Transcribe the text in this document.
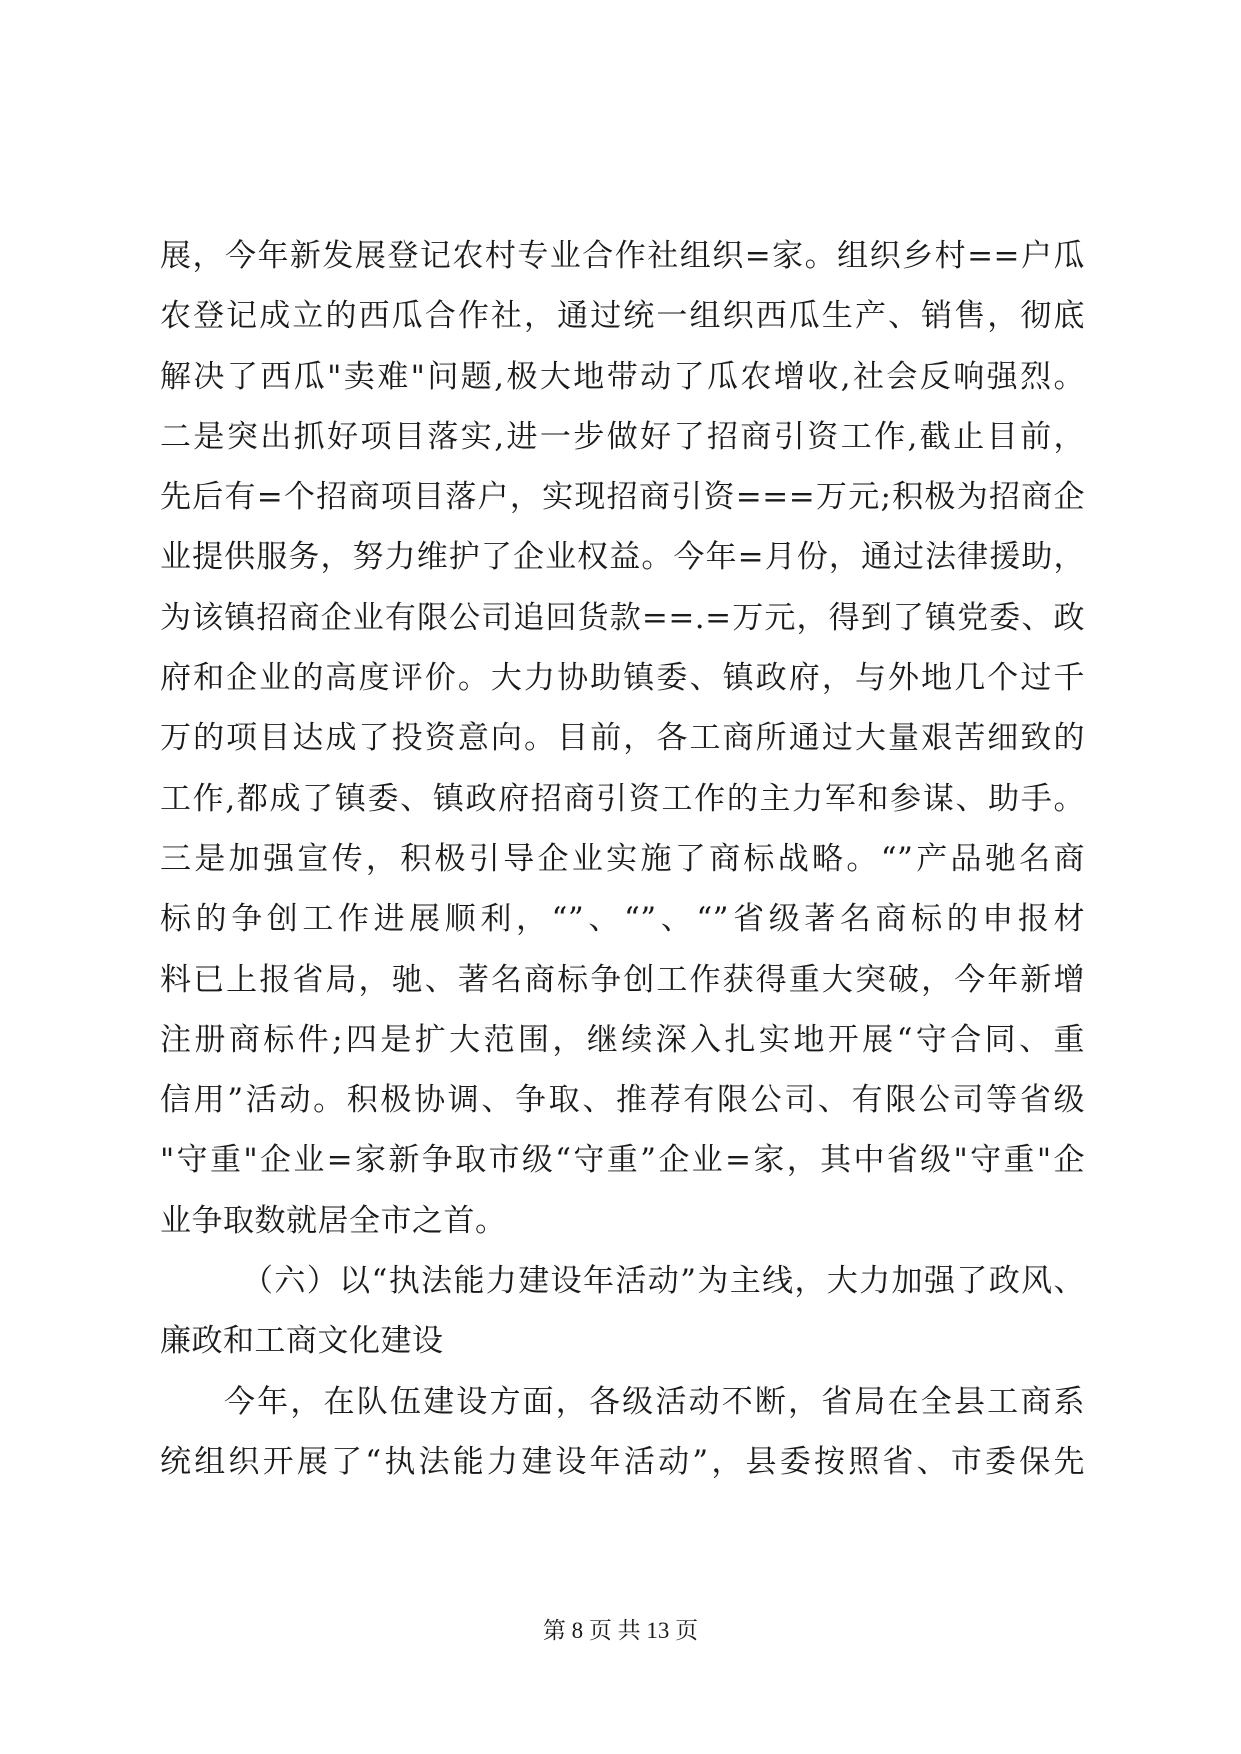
展，今年新发展登记农村专业合作社组织=家。组织乡村==户瓜
农登记成立的西瓜合作社，通过统一组织西瓜生产、销售，彻底
解决了西瓜"卖难"问题,极大地带动了瓜农增收,社会反响强烈。
二是突出抓好项目落实,进一步做好了招商引资工作,截止目前，
先后有=个招商项目落户，实现招商引资===万元;积极为招商企
业提供服务，努力维护了企业权益。今年=月份，通过法律援助，
为该镇招商企业有限公司追回货款==.=万元，得到了镇党委、政
府和企业的高度评价。大力协助镇委、镇政府，与外地几个过千
万的项目达成了投资意向。目前，各工商所通过大量艰苦细致的
工作,都成了镇委、镇政府招商引资工作的主力军和参谋、助手。
三是加强宣传，积极引导企业实施了商标战略。“”产品驰名商
标的争创工作进展顺利，“”、“”、“”省级著名商标的申报材
料已上报省局，驰、著名商标争创工作获得重大突破，今年新增
注册商标件;四是扩大范围，继续深入扎实地开展“守合同、重
信用”活动。积极协调、争取、推荐有限公司、有限公司等省级
"守重"企业=家新争取市级“守重”企业=家，其中省级"守重"企
业争取数就居全市之首。
（六）以“执法能力建设年活动”为主线，大力加强了政风、
廉政和工商文化建设
今年，在队伍建设方面，各级活动不断，省局在全县工商系
统组织开展了“执法能力建设年活动”，县委按照省、市委保先
第 8 页 共 13 页
